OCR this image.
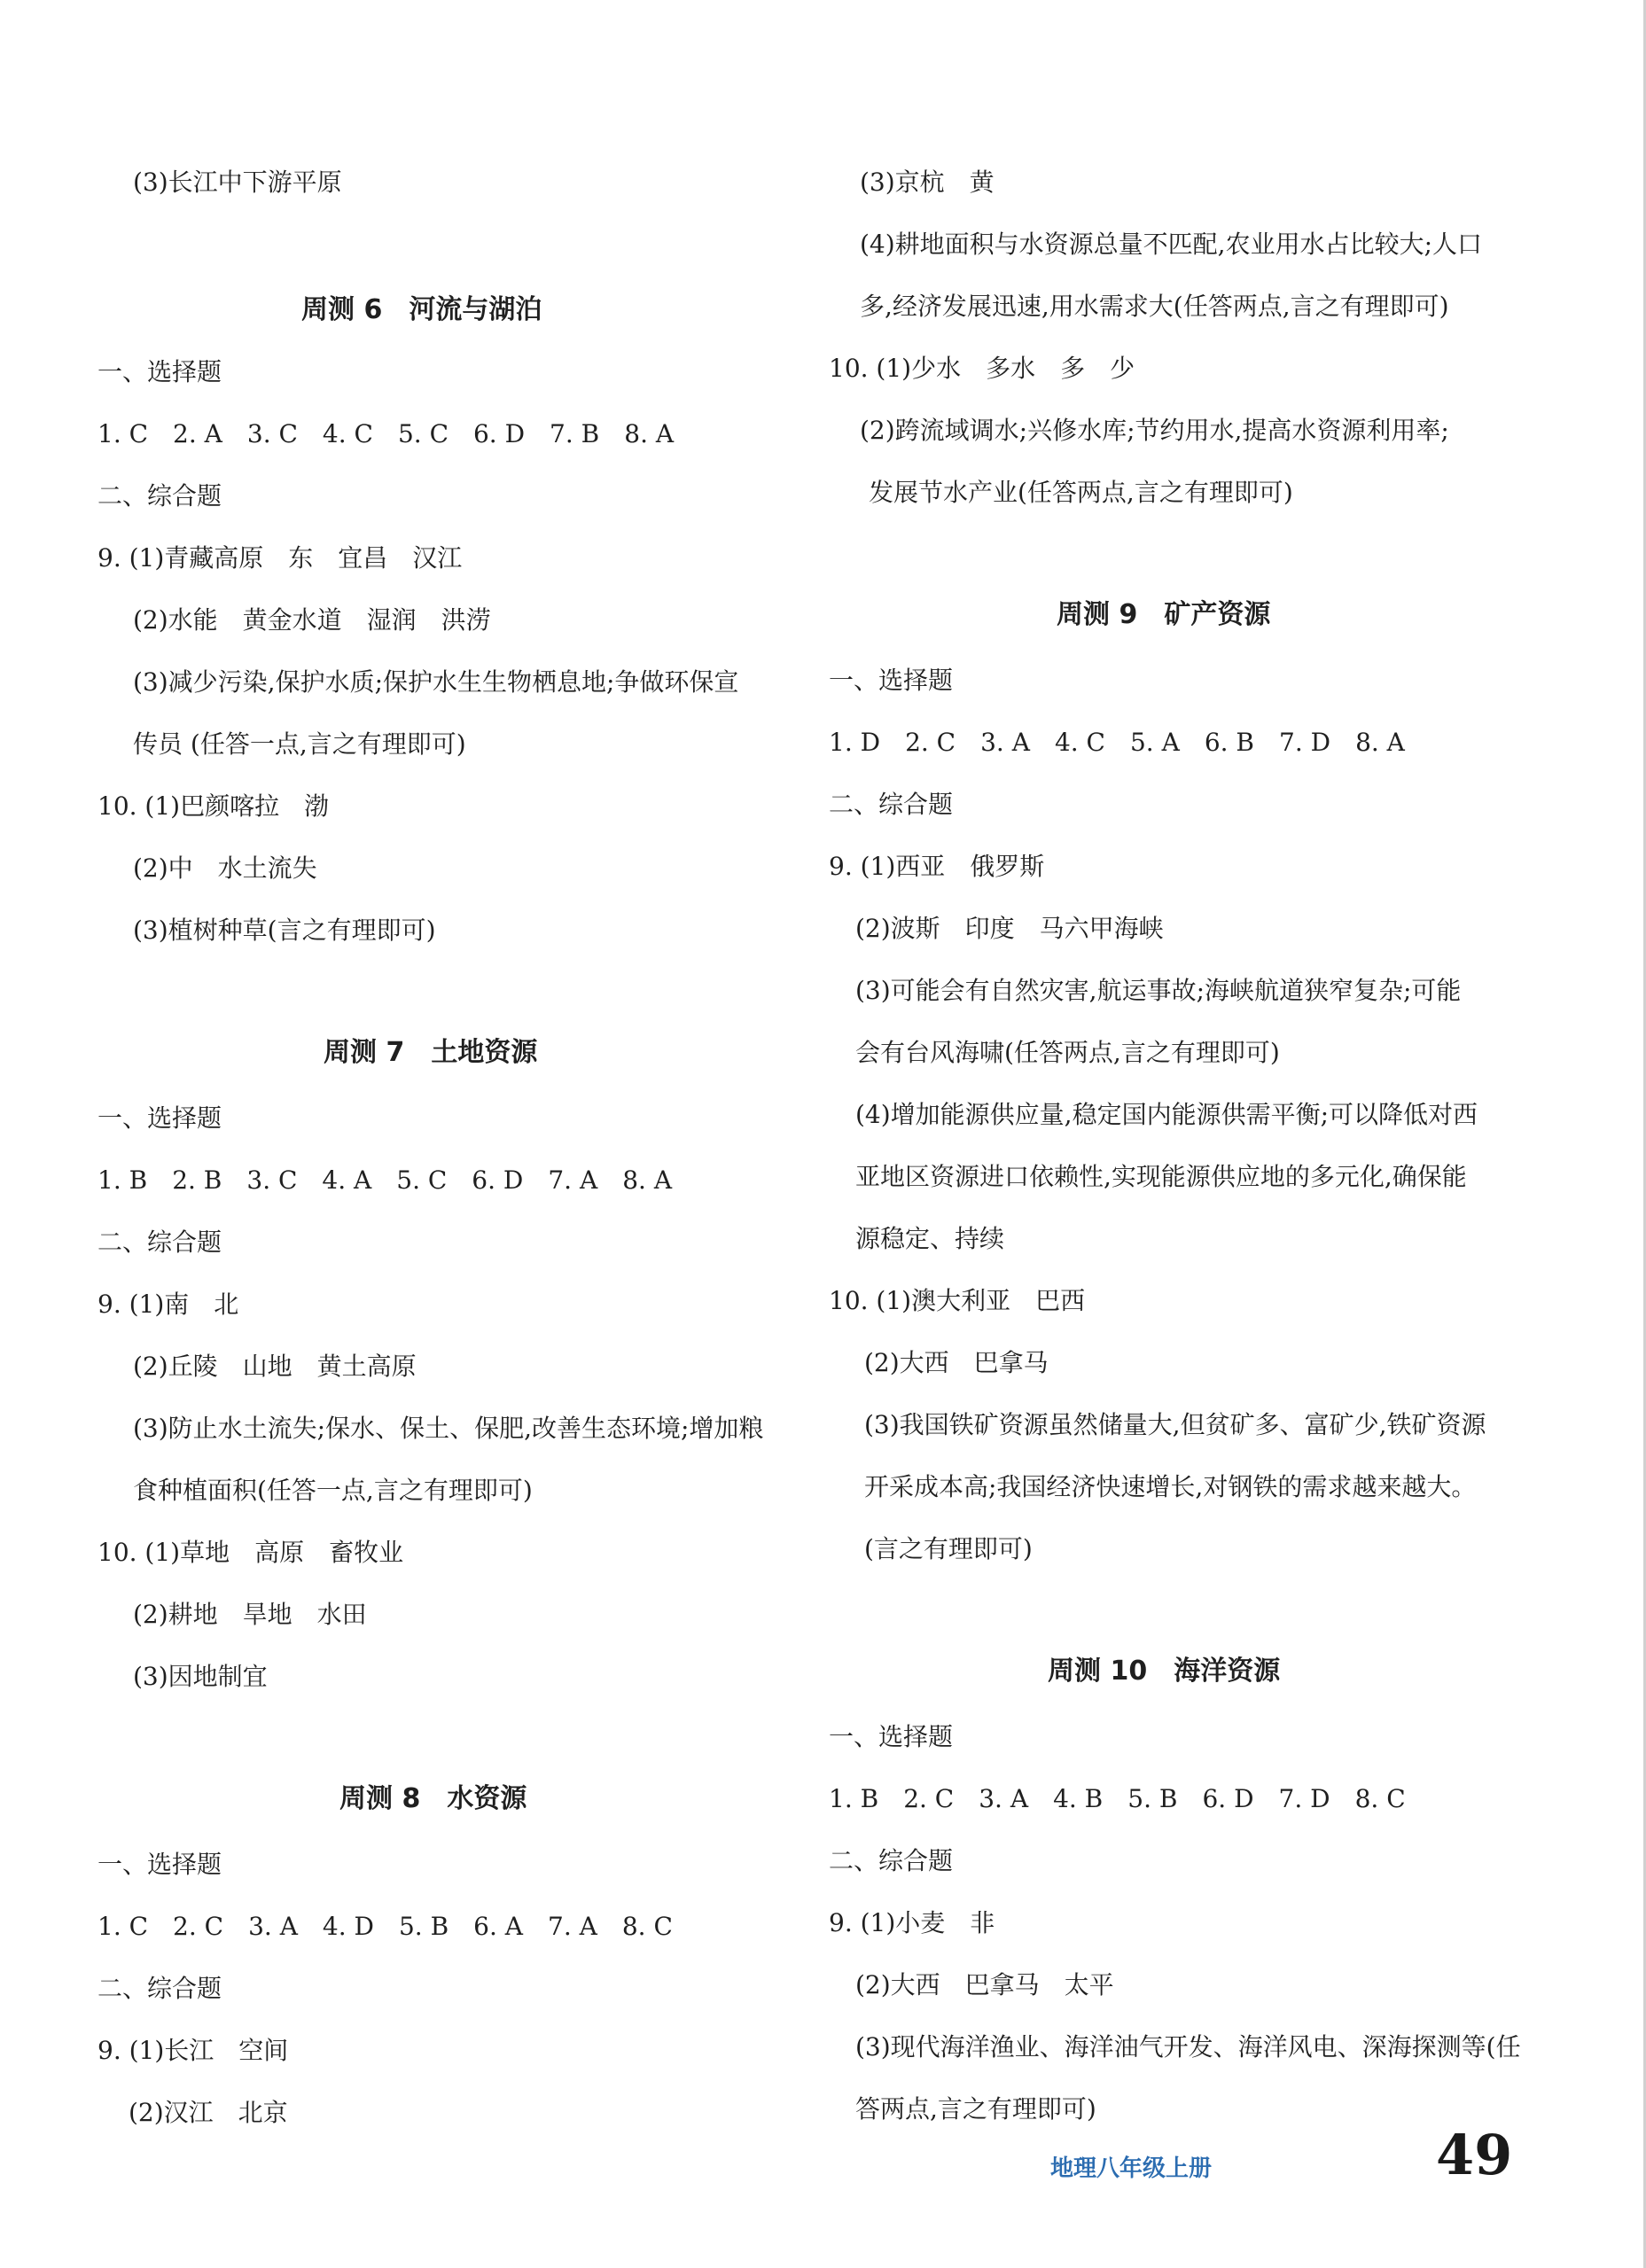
(3)长江中下游平原
周测 6 河流与湖泊
一、选择题
1. C　2. A　3. C　4. C　5. C　6. D　7. B　8. A
二、综合题
9. (1)青藏高原　东　宜昌　汉江
(2)水能　黄金水道　湿润　洪涝
(3)减少污染,保护水质;保护水生生物栖息地;争做环保宣
传员 (任答一点,言之有理即可)
10. (1)巴颜喀拉　渤
(2)中　水土流失
(3)植树种草(言之有理即可)
周测 7 土地资源
一、选择题
1. B　2. B　3. C　4. A　5. C　6. D　7. A　8. A
二、综合题
9. (1)南　北
(2)丘陵　山地　黄土高原
(3)防止水土流失;保水、保土、保肥,改善生态环境;增加粮
食种植面积(任答一点,言之有理即可)
10. (1)草地　高原　畜牧业
(2)耕地　旱地　水田
(3)因地制宜
周测 8 水资源
一、选择题
1. C　2. C　3. A　4. D　5. B　6. A　7. A　8. C
二、综合题
9. (1)长江　空间
(2)汉江　北京
(3)京杭　黄
(4)耕地面积与水资源总量不匹配,农业用水占比较大;人口
多,经济发展迅速,用水需求大(任答两点,言之有理即可)
10. (1)少水　多水　多　少
(2)跨流域调水;兴修水库;节约用水,提高水资源利用率;
发展节水产业(任答两点,言之有理即可)
周测 9 矿产资源
一、选择题
1. D　2. C　3. A　4. C　5. A　6. B　7. D　8. A
二、综合题
9. (1)西亚　俄罗斯
(2)波斯　印度　马六甲海峡
(3)可能会有自然灾害,航运事故;海峡航道狭窄复杂;可能
会有台风海啸(任答两点,言之有理即可)
(4)增加能源供应量,稳定国内能源供需平衡;可以降低对西
亚地区资源进口依赖性,实现能源供应地的多元化,确保能
源稳定、持续
10. (1)澳大利亚　巴西
(2)大西　巴拿马
(3)我国铁矿资源虽然储量大,但贫矿多、富矿少,铁矿资源
开采成本高;我国经济快速增长,对钢铁的需求越来越大。
(言之有理即可)
周测 10 海洋资源
一、选择题
1. B　2. C　3. A　4. B　5. B　6. D　7. D　8. C
二、综合题
9. (1)小麦　非
(2)大西　巴拿马　太平
(3)现代海洋渔业、海洋油气开发、海洋风电、深海探测等(任
答两点,言之有理即可)
地理八年级上册	49
